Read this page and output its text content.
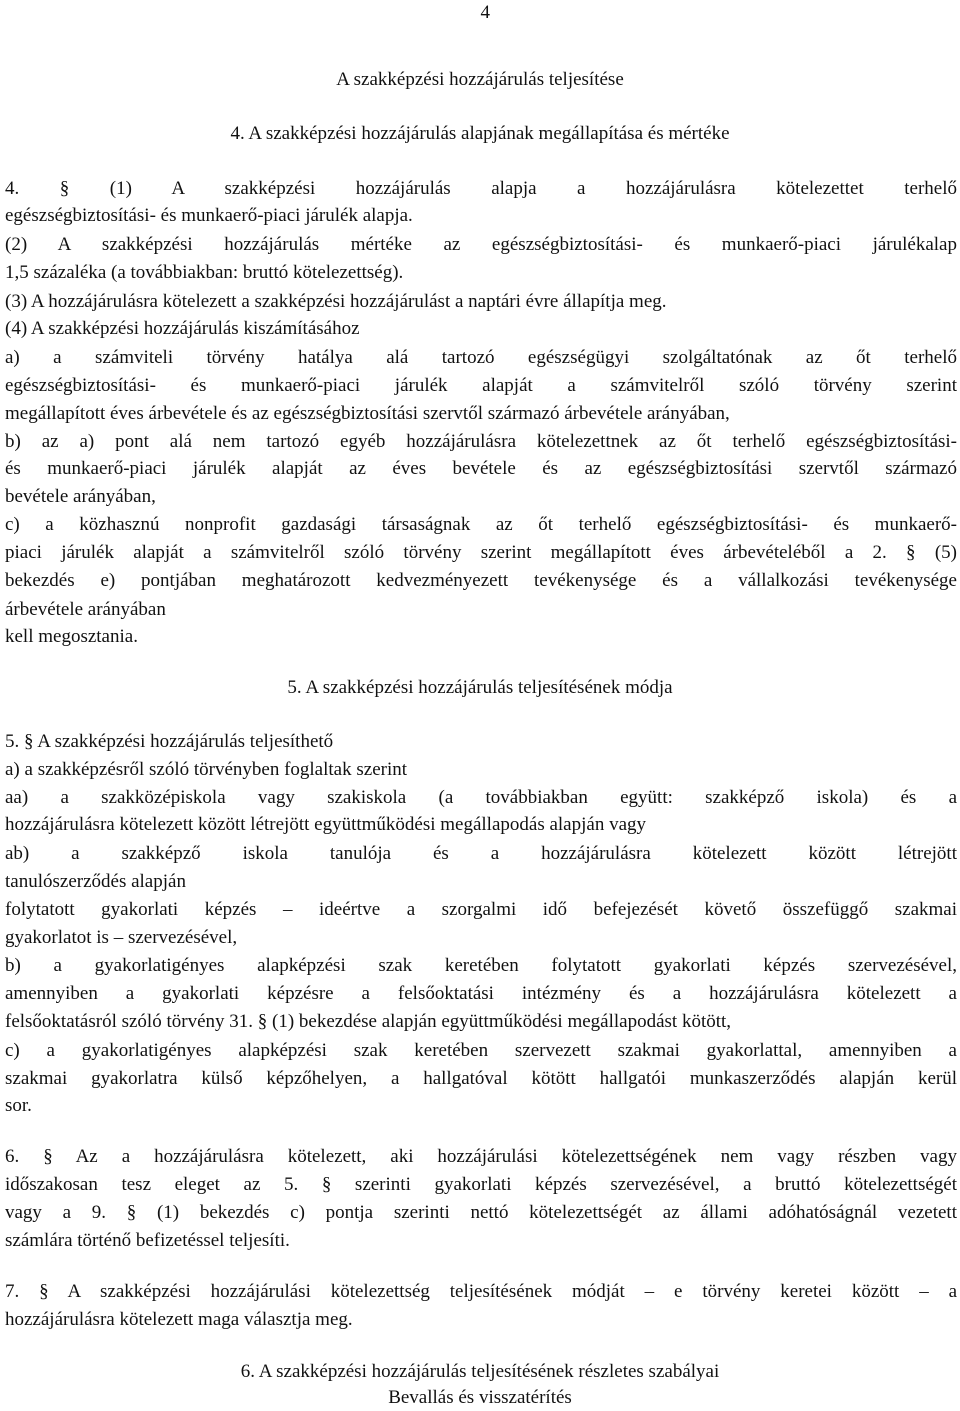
4
A szakképzési hozzájárulás teljesítése
4. A szakképzési hozzájárulás alapjának megállapítása és mértéke
4. § (1) A szakképzési hozzájárulás alapja a hozzájárulásra kötelezettet terhelő
egészségbiztosítási- és munkaerő-piaci járulék alapja.
(2) A szakképzési hozzájárulás mértéke az egészségbiztosítási- és munkaerő-piaci járulékalap
1,5 százaléka (a továbbiakban: bruttó kötelezettség).
(3) A hozzájárulásra kötelezett a szakképzési hozzájárulást a naptári évre állapítja meg.
(4) A szakképzési hozzájárulás kiszámításához
a) a számviteli törvény hatálya alá tartozó egészségügyi szolgáltatónak az őt terhelő
egészségbiztosítási- és munkaerő-piaci járulék alapját a számvitelről szóló törvény szerint
megállapított éves árbevétele és az egészségbiztosítási szervtől származó árbevétele arányában,
b) az a) pont alá nem tartozó egyéb hozzájárulásra kötelezettnek az őt terhelő egészségbiztosítási-
és munkaerő-piaci járulék alapját az éves bevétele és az egészségbiztosítási szervtől származó
bevétele arányában,
c) a közhasznú nonprofit gazdasági társaságnak az őt terhelő egészségbiztosítási- és munkaerő-
piaci járulék alapját a számvitelről szóló törvény szerint megállapított éves árbevételéből a 2. § (5)
bekezdés e) pontjában meghatározott kedvezményezett tevékenysége és a vállalkozási tevékenysége
árbevétele arányában
kell megosztania.
5. A szakképzési hozzájárulás teljesítésének módja
5. § A szakképzési hozzájárulás teljesíthető
a) a szakképzésről szóló törvényben foglaltak szerint
aa) a szakközépiskola vagy szakiskola (a továbbiakban együtt: szakképző iskola) és a
hozzájárulásra kötelezett között létrejött együttműködési megállapodás alapján vagy
ab) a szakképző iskola tanulója és a hozzájárulásra kötelezett között létrejött
tanulószerződés alapján
folytatott gyakorlati képzés – ideértve a szorgalmi idő befejezését követő összefüggő szakmai
gyakorlatot is – szervezésével,
b) a gyakorlatigényes alapképzési szak keretében folytatott gyakorlati képzés szervezésével,
amennyiben a gyakorlati képzésre a felsőoktatási intézmény és a hozzájárulásra kötelezett a
felsőoktatásról szóló törvény 31. § (1) bekezdése alapján együttműködési megállapodást kötött,
c) a gyakorlatigényes alapképzési szak keretében szervezett szakmai gyakorlattal, amennyiben a
szakmai gyakorlatra külső képzőhelyen, a hallgatóval kötött hallgatói munkaszerződés alapján kerül
sor.
6. § Az a hozzájárulásra kötelezett, aki hozzájárulási kötelezettségének nem vagy részben vagy
időszakosan tesz eleget az 5. § szerinti gyakorlati képzés szervezésével, a bruttó kötelezettségét
vagy a 9. § (1) bekezdés c) pontja szerinti nettó kötelezettségét az állami adóhatóságnál vezetett
számlára történő befizetéssel teljesíti.
7. § A szakképzési hozzájárulási kötelezettség teljesítésének módját – e törvény keretei között – a
hozzájárulásra kötelezett maga választja meg.
6. A szakképzési hozzájárulás teljesítésének részletes szabályai
Bevallás és visszatérítés
